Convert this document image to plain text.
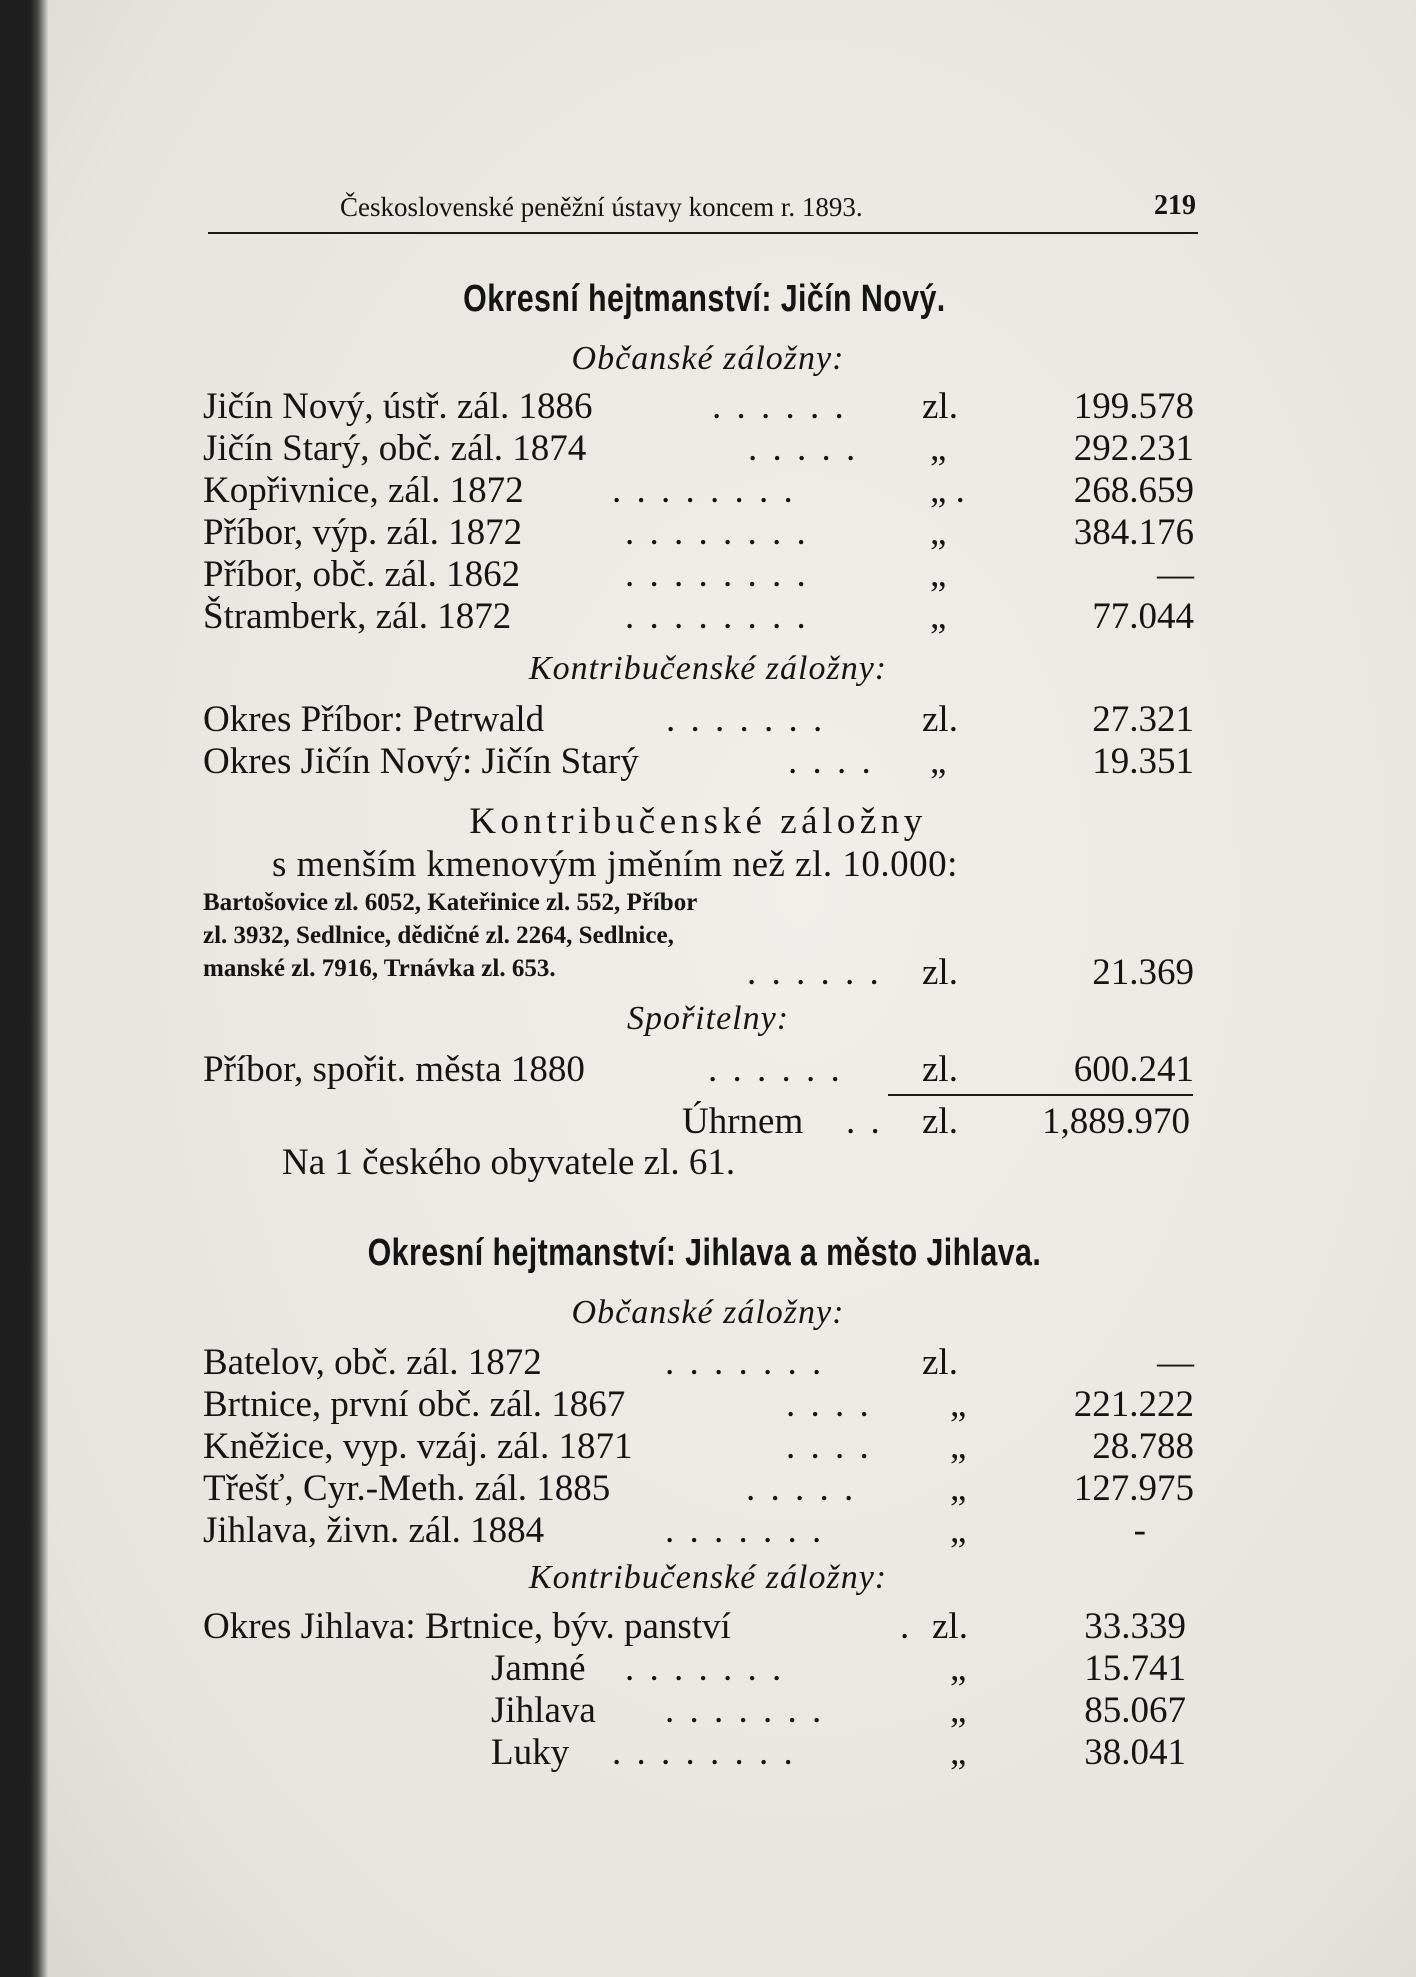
Československé peněžní ústavy koncem r. 1893.	219
Okresní hejtmanství: Jičín Nový.
Občanské záložny:
Jičín Nový, ústř. zál. 1886	. . . . . . zl.	199.578
Jičín Starý, obč. zál. 1874	. . . . . „	292.231
Kopřivnice, zál. 1872 . . . . . . . .	„ .	268.659
Příbor, výp. zál. 1872	. . . . . . . .	„	384.176
Příbor, obč. zál. 1862	. . . . . . . .	„	—
Štramberk, zál. 1872	. . . . . . . .	„	77.044
Kontribučenské záložny:
Okres Příbor: Petrwald	. . . . . . .	zl.	27.321
Okres Jičín Nový: Jičín Starý	. . . . „	19.351
Kontribučenské záložny
s menším kmenovým jměním než zl. 10.000:
Bartošovice zl. 6052, Kateřinice zl. 552, Příbor
zl. 3932, Sedlnice, dědičné zl. 2264, Sedlnice,
manské zl. 7916, Trnávka zl. 653.	. . . . . . zl.	21.369
Spořitelny:
Příbor, spořit. města 1880	. . . . . . zl.	600.241
Úhrnem . . zl. 1,889.970
Na 1 českého obyvatele zl. 61.
Okresní hejtmanství: Jihlava a město Jihlava.
Občanské záložny:
Batelov, obč. zál. 1872	. . . . . . .	zl.	—
Brtnice, první obč. zál. 1867	. . . . „	221.222
Kněžice, vyp. vzáj. zál. 1871	. . . . „	28.788
Třešť, Cyr.-Meth. zál. 1885	. . . . .	„	127.975
Jihlava, živn. zál. 1884	. . . . . . .	„	-
Kontribučenské záložny:
Okres Jihlava: Brtnice, býv. panství	. zl.	33.339
Jamné . . . . . . .	„	15.741
Jihlava . . . . . . .	„	85.067
Luky . . . . . . . .	„	38.041
